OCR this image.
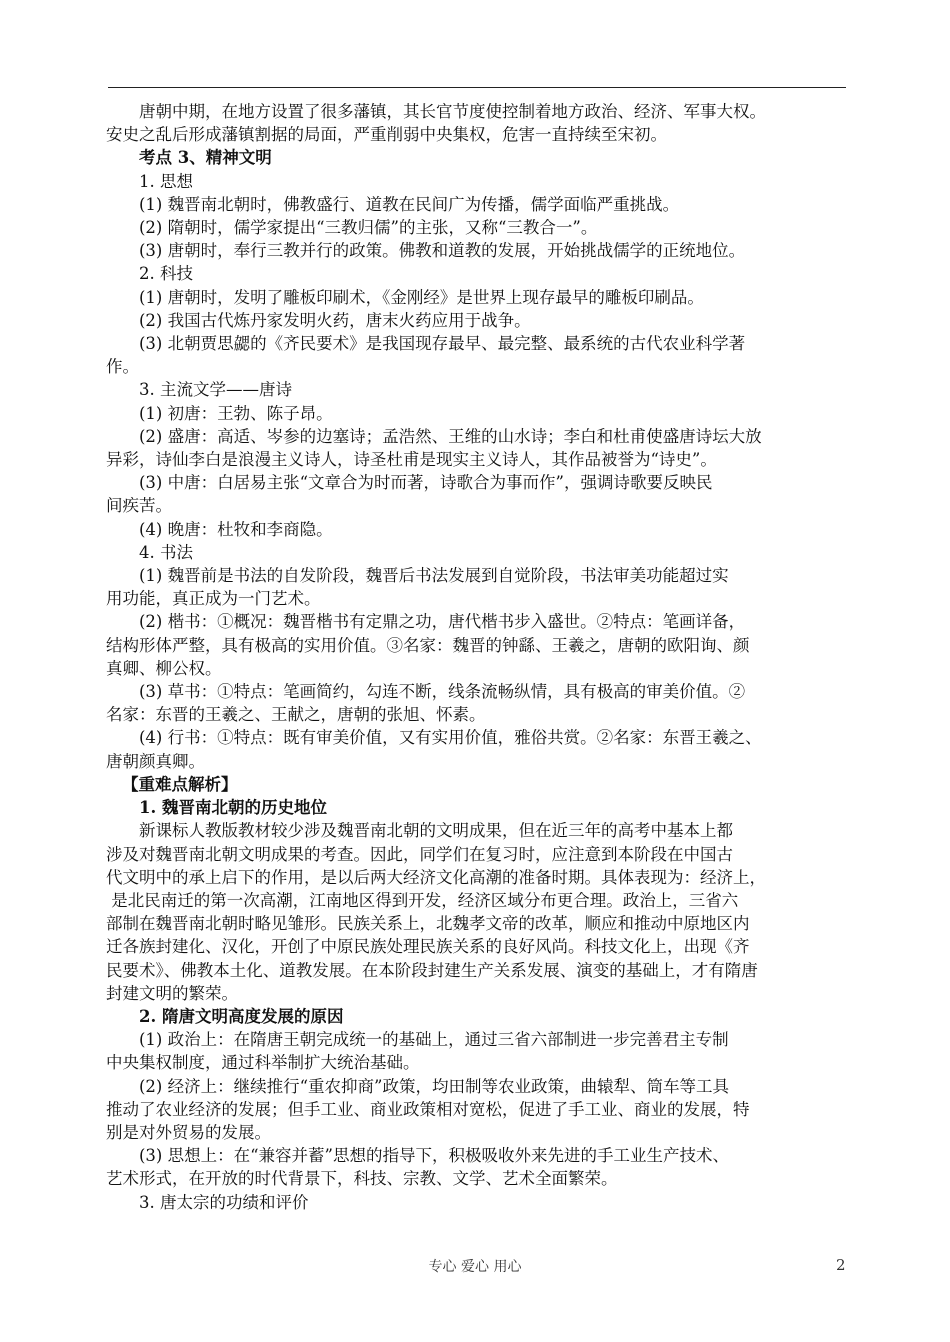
唐朝中期，在地方设置了很多藩镇，其长官节度使控制着地方政治、经济、军事大权。

安史之乱后形成藩镇割据的局面，严重削弱中央集权，危害一直持续至宋初。

考点 3、精神文明

1. 思想

(1) 魏晋南北朝时，佛教盛行、道教在民间广为传播，儒学面临严重挑战。

(2) 隋朝时，儒学家提出“三教归儒”的主张，又称“三教合一”。

(3) 唐朝时，奉行三教并行的政策。佛教和道教的发展，开始挑战儒学的正统地位。

2. 科技

(1) 唐朝时，发明了雕板印刷术，《金刚经》是世界上现存最早的雕板印刷品。

(2) 我国古代炼丹家发明火药，唐末火药应用于战争。

(3) 北朝贾思勰的《齐民要术》是我国现存最早、最完整、最系统的古代农业科学著

作。

3. 主流文学——唐诗

(1) 初唐：王勃、陈子昂。

(2) 盛唐：高适、岑参的边塞诗；孟浩然、王维的山水诗；李白和杜甫使盛唐诗坛大放

异彩，诗仙李白是浪漫主义诗人，诗圣杜甫是现实主义诗人，其作品被誉为“诗史”。

(3) 中唐：白居易主张“文章合为时而著，诗歌合为事而作”，强调诗歌要反映民

间疾苦。

(4) 晚唐：杜牧和李商隐。

4. 书法

(1) 魏晋前是书法的自发阶段，魏晋后书法发展到自觉阶段，书法审美功能超过实

用功能，真正成为一门艺术。

(2) 楷书：①概况：魏晋楷书有定鼎之功，唐代楷书步入盛世。②特点：笔画详备，

结构形体严整，具有极高的实用价值。③名家：魏晋的钟繇、王羲之，唐朝的欧阳询、颜

真卿、柳公权。

(3) 草书：①特点：笔画简约，勾连不断，线条流畅纵情，具有极高的审美价值。②

名家：东晋的王羲之、王献之，唐朝的张旭、怀素。

(4) 行书：①特点：既有审美价值，又有实用价值，雅俗共赏。②名家：东晋王羲之、

唐朝颜真卿。

【重难点解析】

1. 魏晋南北朝的历史地位

新课标人教版教材较少涉及魏晋南北朝的文明成果，但在近三年的高考中基本上都

涉及对魏晋南北朝文明成果的考查。因此，同学们在复习时，应注意到本阶段在中国古

代文明中的承上启下的作用，是以后两大经济文化高潮的准备时期。具体表现为：经济上，

是北民南迁的第一次高潮，江南地区得到开发，经济区域分布更合理。政治上，三省六

部制在魏晋南北朝时略见雏形。民族关系上，北魏孝文帝的改革，顺应和推动中原地区内

迁各族封建化、汉化，开创了中原民族处理民族关系的良好风尚。科技文化上，出现《齐

民要术》、佛教本土化、道教发展。在本阶段封建生产关系发展、演变的基础上，才有隋唐

封建文明的繁荣。

2. 隋唐文明高度发展的原因

(1) 政治上：在隋唐王朝完成统一的基础上，通过三省六部制进一步完善君主专制

中央集权制度，通过科举制扩大统治基础。

(2) 经济上：继续推行“重农抑商”政策，均田制等农业政策，曲辕犁、筒车等工具

推动了农业经济的发展；但手工业、商业政策相对宽松，促进了手工业、商业的发展，特

别是对外贸易的发展。

(3) 思想上：在“兼容并蓄”思想的指导下，积极吸收外来先进的手工业生产技术、

艺术形式，在开放的时代背景下，科技、宗教、文学、艺术全面繁荣。

3. 唐太宗的功绩和评价

专心 爱心 用心	2
